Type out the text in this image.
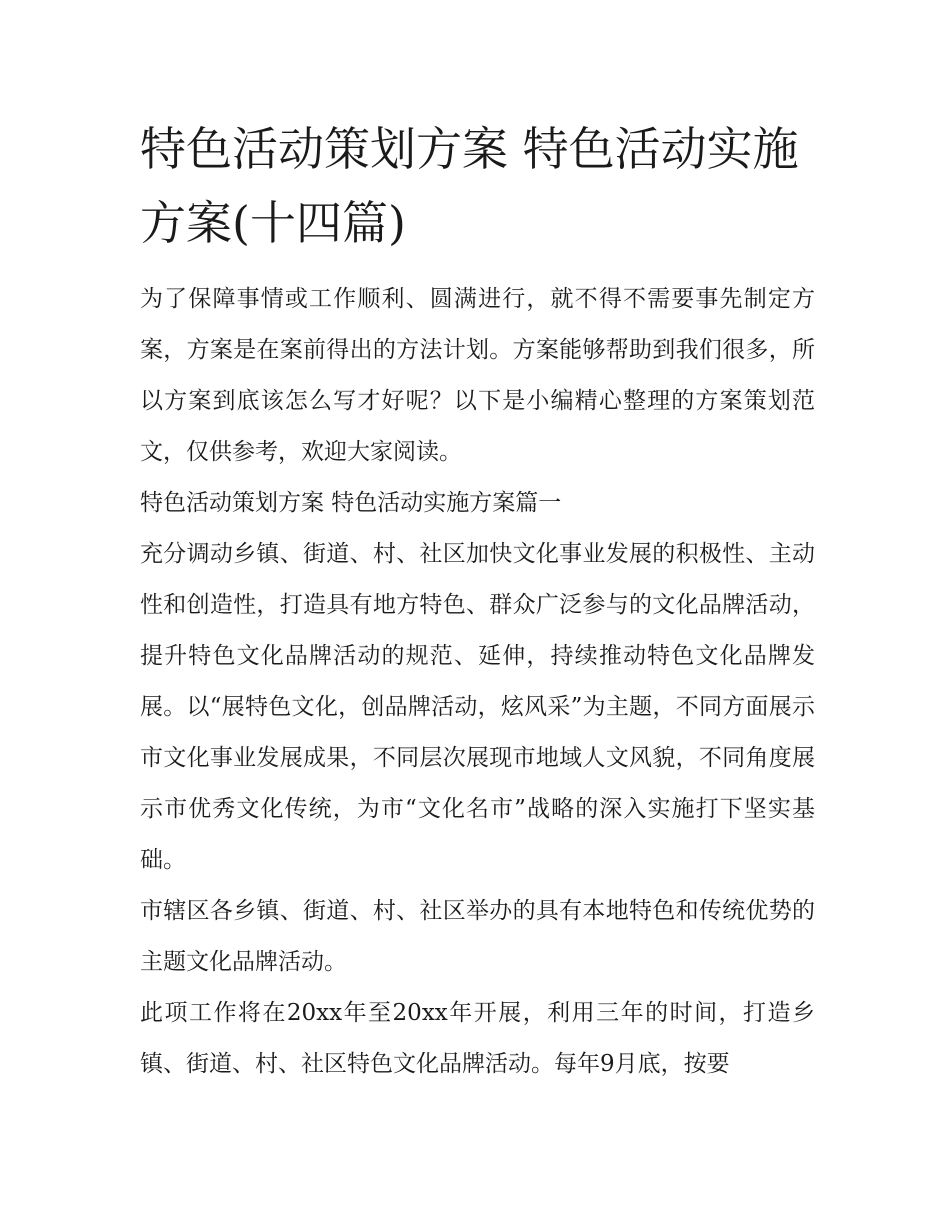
特色活动策划方案 特色活动实施方案(十四篇)

为了保障事情或工作顺利、圆满进行，就不得不需要事先制定方案，方案是在案前得出的方法计划。方案能够帮助到我们很多，所以方案到底该怎么写才好呢？以下是小编精心整理的方案策划范文，仅供参考，欢迎大家阅读。

特色活动策划方案 特色活动实施方案篇一

充分调动乡镇、街道、村、社区加快文化事业发展的积极性、主动性和创造性，打造具有地方特色、群众广泛参与的文化品牌活动，提升特色文化品牌活动的规范、延伸，持续推动特色文化品牌发展。以“展特色文化，创品牌活动，炫风采”为主题，不同方面展示市文化事业发展成果，不同层次展现市地域人文风貌，不同角度展示市优秀文化传统，为市“文化名市”战略的深入实施打下坚实基础。

市辖区各乡镇、街道、村、社区举办的具有本地特色和传统优势的主题文化品牌活动。

此项工作将在20xx年至20xx年开展，利用三年的时间，打造乡镇、街道、村、社区特色文化品牌活动。每年9月底，按要
